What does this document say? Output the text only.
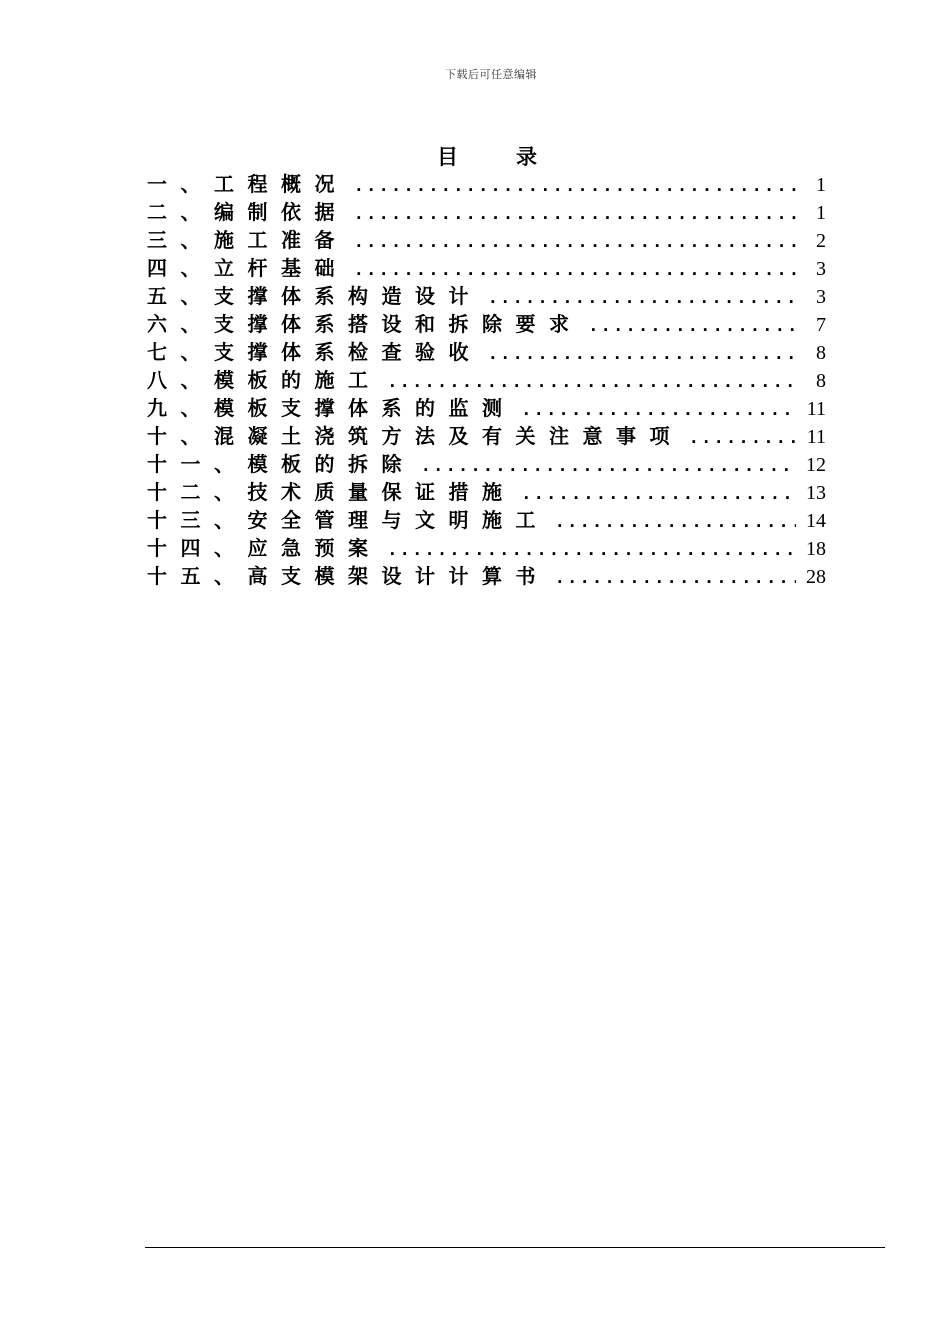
下载后可任意编辑
目	录
一、工程概况 .....	1
二、编制依据 .....	1
三、施工准备 .....	2
四、立杆基础 .....	3
五、支撑体系构造设计 .....	3
六、支撑体系搭设和拆除要求 .....	7
七、支撑体系检查验收 .....	8
八、模板的施工 .....	8
九、模板支撑体系的监测 .....	11
十、混凝土浇筑方法及有关注意事项 .....	11
十一、模板的拆除 .....	12
十二、技术质量保证措施 .....	13
十三、安全管理与文明施工 .....	14
十四、应急预案 .....	18
十五、高支模架设计计算书 .....	28
